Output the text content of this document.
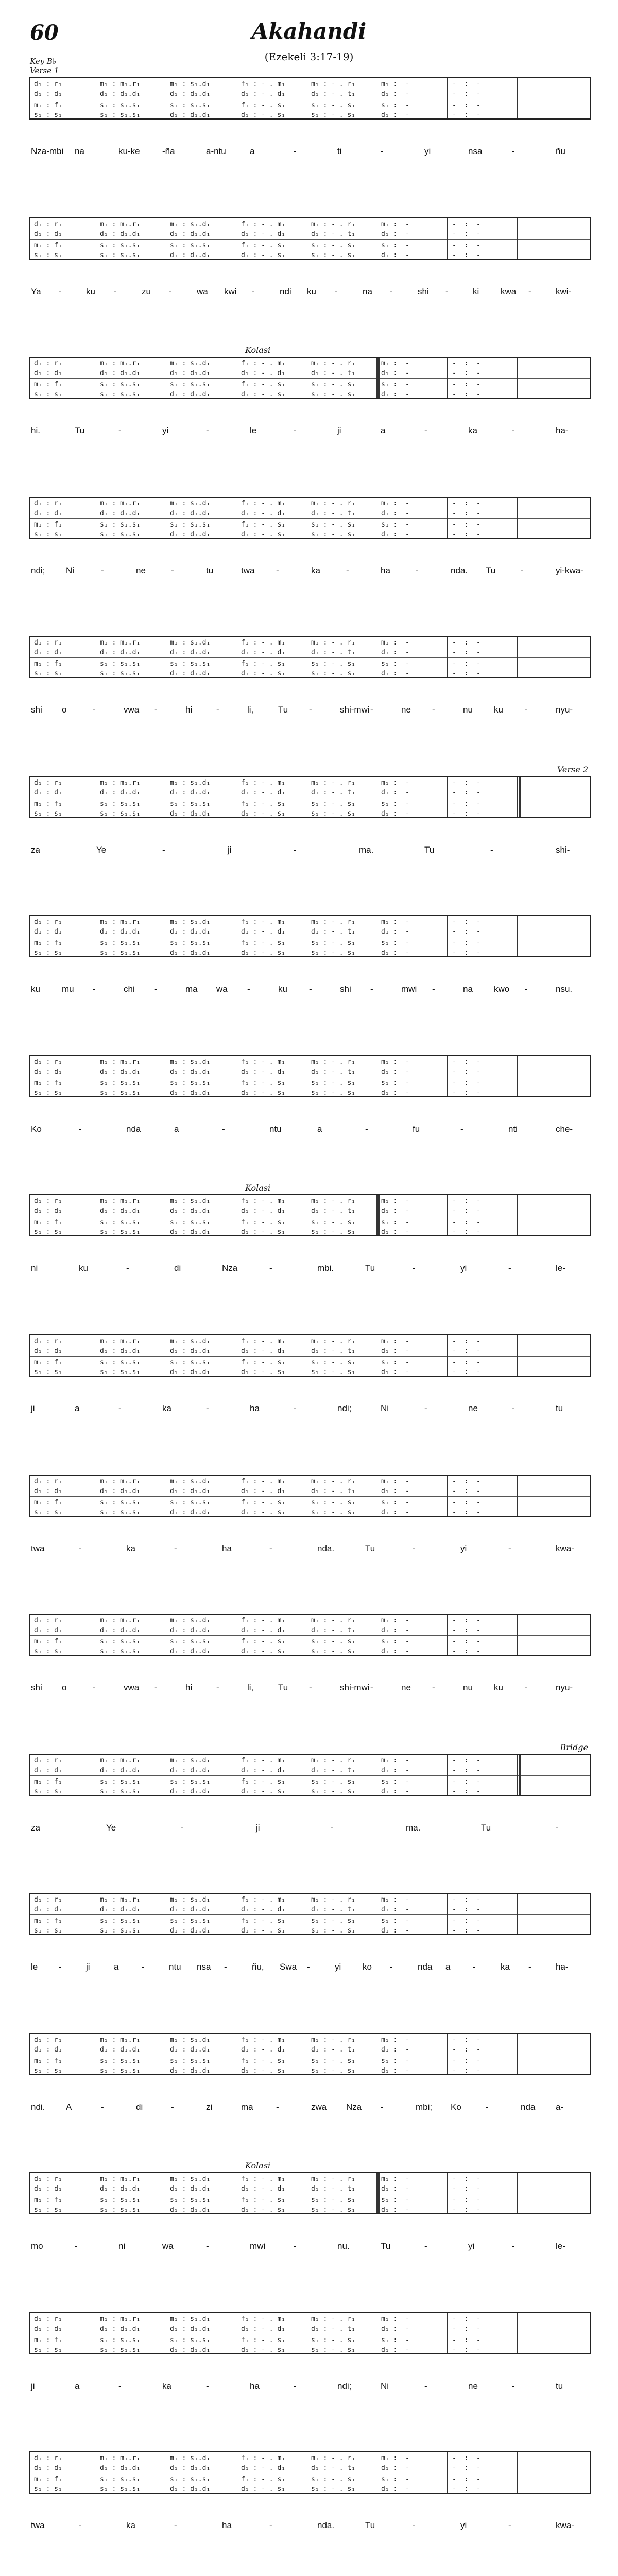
60	Akahandi
(Ezekeli 3:17-19)
Key B♭
Verse 1
d₁ : r₁	m₁ : m₁.r₁	m₁ : s₁.d₁	f₁ : - . m₁	m₁ : - . r₁	m₁ :  -	-  :  -
d₁ : d₁	d₁ : d₁.d₁	d₁ : d₁.d₁	d₁ : - . d₁	d₁ : - . t₁	d₁ :  -	-  :  -
m₁ : f₁	s₁ : s₁.s₁	s₁ : s₁.s₁	f₁ : - . s₁	s₁ : - . s₁	s₁ :  -	-  :  -
s₁ : s₁	s₁ : s₁.s₁	d₁ : d₁.d₁	d₁ : - . s₁	s₁ : - . s₁	d₁ :  -	-  :  -
Nza-mbi na	ku-ke	-ña	a-ntu	a	-	ti	-	yi	nsa	-	ñu
d₁ : r₁	m₁ : m₁.r₁	m₁ : s₁.d₁	f₁ : - . m₁	m₁ : - . r₁	m₁ :  -	-  :  -
d₁ : d₁	d₁ : d₁.d₁	d₁ : d₁.d₁	d₁ : - . d₁	d₁ : - . t₁	d₁ :  -	-  :  -
m₁ : f₁	s₁ : s₁.s₁	s₁ : s₁.s₁	f₁ : - . s₁	s₁ : - . s₁	s₁ :  -	-  :  -
s₁ : s₁	s₁ : s₁.s₁	d₁ : d₁.d₁	d₁ : - . s₁	s₁ : - . s₁	d₁ :  -	-  :  -
Ya -	ku -	zu -	wa kwi -	ndi ku -	na -	shi -	ki kwa -	kwi-
Kolasi
d₁ : r₁	m₁ : m₁.r₁	m₁ : s₁.d₁	f₁ : - . m₁	m₁ : - . r₁	m₁ :  -	-  :  -
d₁ : d₁	d₁ : d₁.d₁	d₁ : d₁.d₁	d₁ : - . d₁	d₁ : - . t₁	d₁ :  -	-  :  -
m₁ : f₁	s₁ : s₁.s₁	s₁ : s₁.s₁	f₁ : - . s₁	s₁ : - . s₁	s₁ :  -	-  :  -
s₁ : s₁	s₁ : s₁.s₁	d₁ : d₁.d₁	d₁ : - . s₁	s₁ : - . s₁	d₁ :  -	-  :  -
hi.	Tu	-	yi	-	le	-	ji	a	-	ka	-	ha-
d₁ : r₁	m₁ : m₁.r₁	m₁ : s₁.d₁	f₁ : - . m₁	m₁ : - . r₁	m₁ :  -	-  :  -
d₁ : d₁	d₁ : d₁.d₁	d₁ : d₁.d₁	d₁ : - . d₁	d₁ : - . t₁	d₁ :  -	-  :  -
m₁ : f₁	s₁ : s₁.s₁	s₁ : s₁.s₁	f₁ : - . s₁	s₁ : - . s₁	s₁ :  -	-  :  -
s₁ : s₁	s₁ : s₁.s₁	d₁ : d₁.d₁	d₁ : - . s₁	s₁ : - . s₁	d₁ :  -	-  :  -
ndi; Ni	-	ne	-	tu	twa -	ka	-	ha	-	nda. Tu	-	yi-kwa-
d₁ : r₁	m₁ : m₁.r₁	m₁ : s₁.d₁	f₁ : - . m₁	m₁ : - . r₁	m₁ :  -	-  :  -
d₁ : d₁	d₁ : d₁.d₁	d₁ : d₁.d₁	d₁ : - . d₁	d₁ : - . t₁	d₁ :  -	-  :  -
m₁ : f₁	s₁ : s₁.s₁	s₁ : s₁.s₁	f₁ : - . s₁	s₁ : - . s₁	s₁ :  -	-  :  -
s₁ : s₁	s₁ : s₁.s₁	d₁ : d₁.d₁	d₁ : - . s₁	s₁ : - . s₁	d₁ :  -	-  :  -
shi o	-	vwa -	hi	-	li,	Tu -	shi-mwi -	ne -	nu ku -	nyu-
Verse 2
d₁ : r₁	m₁ : m₁.r₁	m₁ : s₁.d₁	f₁ : - . m₁	m₁ : - . r₁	m₁ :  -	-  :  -
d₁ : d₁	d₁ : d₁.d₁	d₁ : d₁.d₁	d₁ : - . d₁	d₁ : - . t₁	d₁ :  -	-  :  -
m₁ : f₁	s₁ : s₁.s₁	s₁ : s₁.s₁	f₁ : - . s₁	s₁ : - . s₁	s₁ :  -	-  :  -
s₁ : s₁	s₁ : s₁.s₁	d₁ : d₁.d₁	d₁ : - . s₁	s₁ : - . s₁	d₁ :  -	-  :  -
za	Ye	-	ji	-	ma.	Tu	-	shi-
d₁ : r₁	m₁ : m₁.r₁	m₁ : s₁.d₁	f₁ : - . m₁	m₁ : - . r₁	m₁ :  -	-  :  -
d₁ : d₁	d₁ : d₁.d₁	d₁ : d₁.d₁	d₁ : - . d₁	d₁ : - . t₁	d₁ :  -	-  :  -
m₁ : f₁	s₁ : s₁.s₁	s₁ : s₁.s₁	f₁ : - . s₁	s₁ : - . s₁	s₁ :  -	-  :  -
s₁ : s₁	s₁ : s₁.s₁	d₁ : d₁.d₁	d₁ : - . s₁	s₁ : - . s₁	d₁ :  -	-  :  -
ku mu -	chi -	ma wa -	ku -	shi -	mwi -	na kwo -	nsu.
d₁ : r₁	m₁ : m₁.r₁	m₁ : s₁.d₁	f₁ : - . m₁	m₁ : - . r₁	m₁ :  -	-  :  -
d₁ : d₁	d₁ : d₁.d₁	d₁ : d₁.d₁	d₁ : - . d₁	d₁ : - . t₁	d₁ :  -	-  :  -
m₁ : f₁	s₁ : s₁.s₁	s₁ : s₁.s₁	f₁ : - . s₁	s₁ : - . s₁	s₁ :  -	-  :  -
s₁ : s₁	s₁ : s₁.s₁	d₁ : d₁.d₁	d₁ : - . s₁	s₁ : - . s₁	d₁ :  -	-  :  -
Ko	-	nda	a	-	ntu	a	-	fu	-	nti	che-
Kolasi
d₁ : r₁	m₁ : m₁.r₁	m₁ : s₁.d₁	f₁ : - . m₁	m₁ : - . r₁	m₁ :  -	-  :  -
d₁ : d₁	d₁ : d₁.d₁	d₁ : d₁.d₁	d₁ : - . d₁	d₁ : - . t₁	d₁ :  -	-  :  -
m₁ : f₁	s₁ : s₁.s₁	s₁ : s₁.s₁	f₁ : - . s₁	s₁ : - . s₁	s₁ :  -	-  :  -
s₁ : s₁	s₁ : s₁.s₁	d₁ : d₁.d₁	d₁ : - . s₁	s₁ : - . s₁	d₁ :  -	-  :  -
ni	ku	-	di	Nza	-	mbi.	Tu	-	yi	-	le-
d₁ : r₁	m₁ : m₁.r₁	m₁ : s₁.d₁	f₁ : - . m₁	m₁ : - . r₁	m₁ :  -	-  :  -
d₁ : d₁	d₁ : d₁.d₁	d₁ : d₁.d₁	d₁ : - . d₁	d₁ : - . t₁	d₁ :  -	-  :  -
m₁ : f₁	s₁ : s₁.s₁	s₁ : s₁.s₁	f₁ : - . s₁	s₁ : - . s₁	s₁ :  -	-  :  -
s₁ : s₁	s₁ : s₁.s₁	d₁ : d₁.d₁	d₁ : - . s₁	s₁ : - . s₁	d₁ :  -	-  :  -
ji	a	-	ka	-	ha	-	ndi;	Ni	-	ne	-	tu
d₁ : r₁	m₁ : m₁.r₁	m₁ : s₁.d₁	f₁ : - . m₁	m₁ : - . r₁	m₁ :  -	-  :  -
d₁ : d₁	d₁ : d₁.d₁	d₁ : d₁.d₁	d₁ : - . d₁	d₁ : - . t₁	d₁ :  -	-  :  -
m₁ : f₁	s₁ : s₁.s₁	s₁ : s₁.s₁	f₁ : - . s₁	s₁ : - . s₁	s₁ :  -	-  :  -
s₁ : s₁	s₁ : s₁.s₁	d₁ : d₁.d₁	d₁ : - . s₁	s₁ : - . s₁	d₁ :  -	-  :  -
twa	-	ka	-	ha	-	nda.	Tu	-	yi	-	kwa-
d₁ : r₁	m₁ : m₁.r₁	m₁ : s₁.d₁	f₁ : - . m₁	m₁ : - . r₁	m₁ :  -	-  :  -
d₁ : d₁	d₁ : d₁.d₁	d₁ : d₁.d₁	d₁ : - . d₁	d₁ : - . t₁	d₁ :  -	-  :  -
m₁ : f₁	s₁ : s₁.s₁	s₁ : s₁.s₁	f₁ : - . s₁	s₁ : - . s₁	s₁ :  -	-  :  -
s₁ : s₁	s₁ : s₁.s₁	d₁ : d₁.d₁	d₁ : - . s₁	s₁ : - . s₁	d₁ :  -	-  :  -
shi o	-	vwa -	hi	-	li,	Tu -	shi-mwi -	ne -	nu ku -	nyu-
Bridge
d₁ : r₁	m₁ : m₁.r₁	m₁ : s₁.d₁	f₁ : - . m₁	m₁ : - . r₁	m₁ :  -	-  :  -
d₁ : d₁	d₁ : d₁.d₁	d₁ : d₁.d₁	d₁ : - . d₁	d₁ : - . t₁	d₁ :  -	-  :  -
m₁ : f₁	s₁ : s₁.s₁	s₁ : s₁.s₁	f₁ : - . s₁	s₁ : - . s₁	s₁ :  -	-  :  -
s₁ : s₁	s₁ : s₁.s₁	d₁ : d₁.d₁	d₁ : - . s₁	s₁ : - . s₁	d₁ :  -	-  :  -
za	Ye	-	ji	-	ma.	Tu	-
d₁ : r₁	m₁ : m₁.r₁	m₁ : s₁.d₁	f₁ : - . m₁	m₁ : - . r₁	m₁ :  -	-  :  -
d₁ : d₁	d₁ : d₁.d₁	d₁ : d₁.d₁	d₁ : - . d₁	d₁ : - . t₁	d₁ :  -	-  :  -
m₁ : f₁	s₁ : s₁.s₁	s₁ : s₁.s₁	f₁ : - . s₁	s₁ : - . s₁	s₁ :  -	-  :  -
s₁ : s₁	s₁ : s₁.s₁	d₁ : d₁.d₁	d₁ : - . s₁	s₁ : - . s₁	d₁ :  -	-  :  -
le -	ji	a	-	ntu nsa -	ñu, Swa -	yi ko -	nda a	-	ka -	ha-
d₁ : r₁	m₁ : m₁.r₁	m₁ : s₁.d₁	f₁ : - . m₁	m₁ : - . r₁	m₁ :  -	-  :  -
d₁ : d₁	d₁ : d₁.d₁	d₁ : d₁.d₁	d₁ : - . d₁	d₁ : - . t₁	d₁ :  -	-  :  -
m₁ : f₁	s₁ : s₁.s₁	s₁ : s₁.s₁	f₁ : - . s₁	s₁ : - . s₁	s₁ :  -	-  :  -
s₁ : s₁	s₁ : s₁.s₁	d₁ : d₁.d₁	d₁ : - . s₁	s₁ : - . s₁	d₁ :  -	-  :  -
ndi. A	-	di	-	zi	ma	-	zwa Nza -	mbi; Ko	-	nda a-
Kolasi
d₁ : r₁	m₁ : m₁.r₁	m₁ : s₁.d₁	f₁ : - . m₁	m₁ : - . r₁	m₁ :  -	-  :  -
d₁ : d₁	d₁ : d₁.d₁	d₁ : d₁.d₁	d₁ : - . d₁	d₁ : - . t₁	d₁ :  -	-  :  -
m₁ : f₁	s₁ : s₁.s₁	s₁ : s₁.s₁	f₁ : - . s₁	s₁ : - . s₁	s₁ :  -	-  :  -
s₁ : s₁	s₁ : s₁.s₁	d₁ : d₁.d₁	d₁ : - . s₁	s₁ : - . s₁	d₁ :  -	-  :  -
mo	-	ni	wa	-	mwi	-	nu.	Tu	-	yi	-	le-
d₁ : r₁	m₁ : m₁.r₁	m₁ : s₁.d₁	f₁ : - . m₁	m₁ : - . r₁	m₁ :  -	-  :  -
d₁ : d₁	d₁ : d₁.d₁	d₁ : d₁.d₁	d₁ : - . d₁	d₁ : - . t₁	d₁ :  -	-  :  -
m₁ : f₁	s₁ : s₁.s₁	s₁ : s₁.s₁	f₁ : - . s₁	s₁ : - . s₁	s₁ :  -	-  :  -
s₁ : s₁	s₁ : s₁.s₁	d₁ : d₁.d₁	d₁ : - . s₁	s₁ : - . s₁	d₁ :  -	-  :  -
ji	a	-	ka	-	ha	-	ndi;	Ni	-	ne	-	tu
d₁ : r₁	m₁ : m₁.r₁	m₁ : s₁.d₁	f₁ : - . m₁	m₁ : - . r₁	m₁ :  -	-  :  -
d₁ : d₁	d₁ : d₁.d₁	d₁ : d₁.d₁	d₁ : - . d₁	d₁ : - . t₁	d₁ :  -	-  :  -
m₁ : f₁	s₁ : s₁.s₁	s₁ : s₁.s₁	f₁ : - . s₁	s₁ : - . s₁	s₁ :  -	-  :  -
s₁ : s₁	s₁ : s₁.s₁	d₁ : d₁.d₁	d₁ : - . s₁	s₁ : - . s₁	d₁ :  -	-  :  -
twa	-	ka	-	ha	-	nda.	Tu	-	yi	-	kwa-
